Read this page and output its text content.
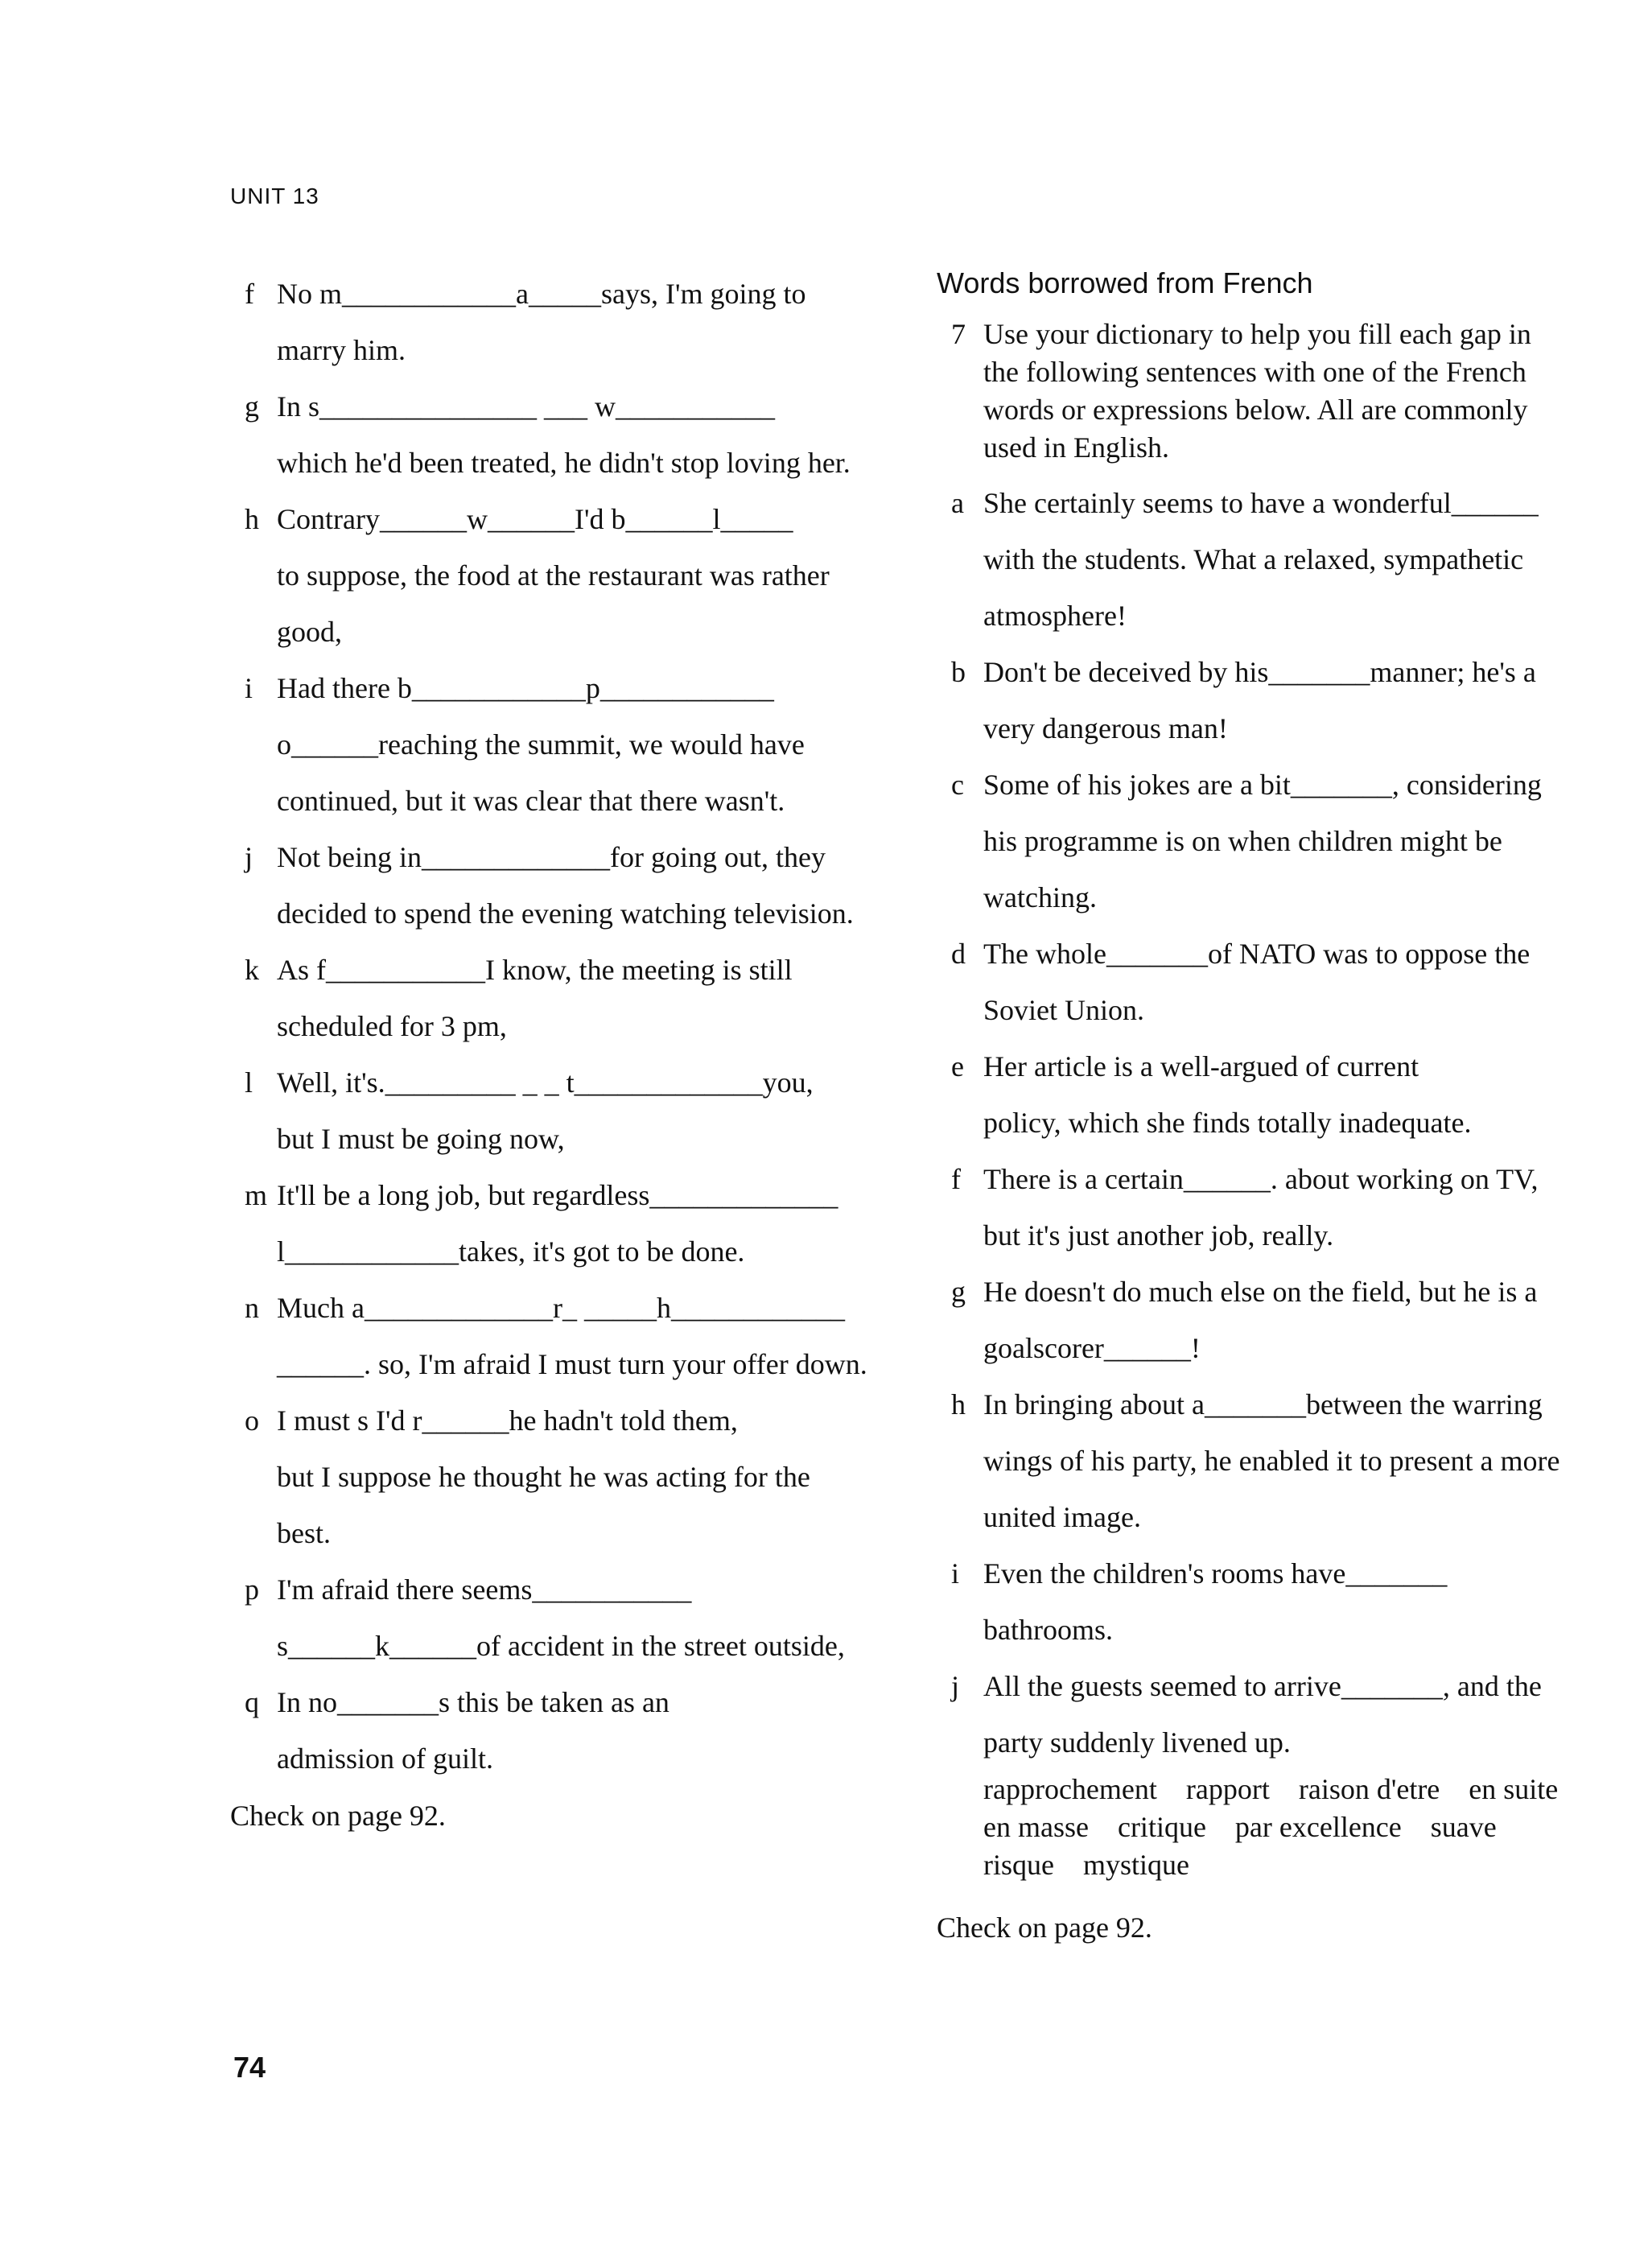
UNIT 13
f No m____________a_____says, I'm going to
marry him.
g In s_______________ ___ w___________
which he'd been treated, he didn't stop loving her.
h Contrary______w______I'd b______l_____
to suppose, the food at the restaurant was rather
good,
i Had there b____________p____________
o______reaching the summit, we would have
continued, but it was clear that there wasn't.
j Not being in_____________for going out, they
decided to spend the evening watching television.
k As f___________I know, the meeting is still
scheduled for 3 pm,
l Well, it's._________ _ _ t_____________you,
but I must be going now,
m It'll be a long job, but regardless_____________
l____________takes, it's got to be done.
n Much a_____________r_ _____h____________
______. so, I'm afraid I must turn your offer down.
o I must s I'd r______he hadn't told them,
but I suppose he thought he was acting for the
best.
p I'm afraid there seems___________
s______k______of accident in the street outside,
q In no_______s this be taken as an
admission of guilt.
Check on page 92.
Words borrowed from French
7 Use your dictionary to help you fill each gap in
the following sentences with one of the French
words or expressions below. All are commonly
used in English.
a She certainly seems to have a wonderful______
with the students. What a relaxed, sympathetic
atmosphere!
b Don't be deceived by his_______manner; he's a
very dangerous man!
c Some of his jokes are a bit_______, considering
his programme is on when children might be
watching.
d The whole_______of NATO was to oppose the
Soviet Union.
e Her article is a well-argued of current
policy, which she finds totally inadequate.
f There is a certain______. about working on TV,
but it's just another job, really.
g He doesn't do much else on the field, but he is a
goalscorer______!
h In bringing about a_______between the warring
wings of his party, he enabled it to present a more
united image.
i Even the children's rooms have_______
bathrooms.
j All the guests seemed to arrive_______, and the
party suddenly livened up.
rapprochement rapport raison d'etre en suite
en masse critique par excellence suave
risque mystique
Check on page 92.
74
